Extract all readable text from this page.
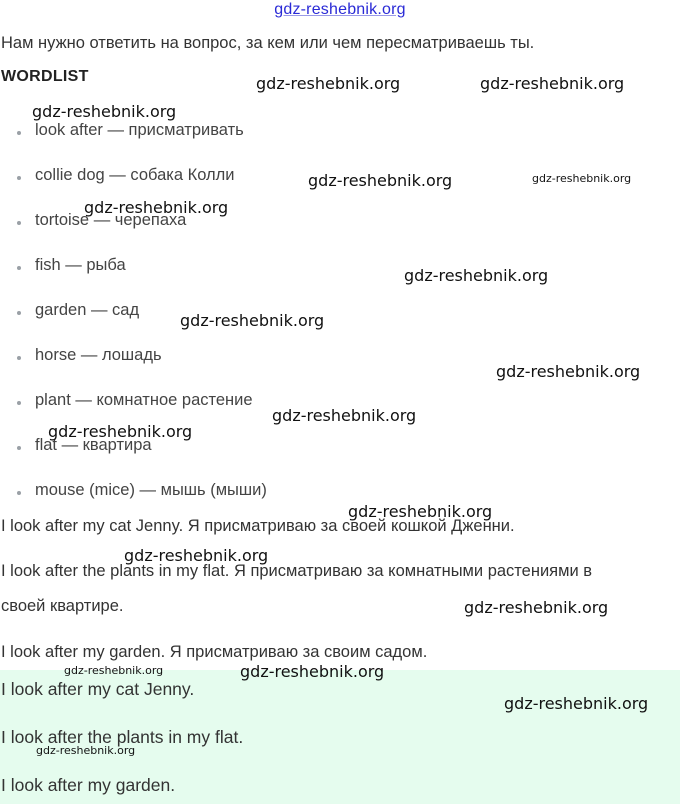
gdz-reshebnik.org
Нам нужно ответить на вопрос, за кем или чем пересматриваешь ты.
WORDLIST
look after — присматривать
collie dog — собака Колли
tortoise — черепаха
fish — рыба
garden — сад
horse — лошадь
plant — комнатное растение
flat — квартира
mouse (mice) — мышь (мыши)
I look after my cat Jenny. Я присматриваю за своей кошкой Дженни.
I look after the plants in my flat. Я присматриваю за комнатными растениями в
своей квартире.
I look after my garden. Я присматриваю за своим садом.
I look after my cat Jenny.
I look after the plants in my flat.
I look after my garden.
gdz-reshebnik.org	gdz-reshebnik.org
gdz-reshebnik.org
gdz-reshebnik.org	gdz-reshebnik.org
gdz-reshebnik.org
gdz-reshebnik.org
gdz-reshebnik.org
gdz-reshebnik.org
gdz-reshebnik.org
gdz-reshebnik.org
gdz-reshebnik.org
gdz-reshebnik.org
gdz-reshebnik.org
gdz-reshebnik.org	gdz-reshebnik.org
gdz-reshebnik.org
gdz-reshebnik.org
